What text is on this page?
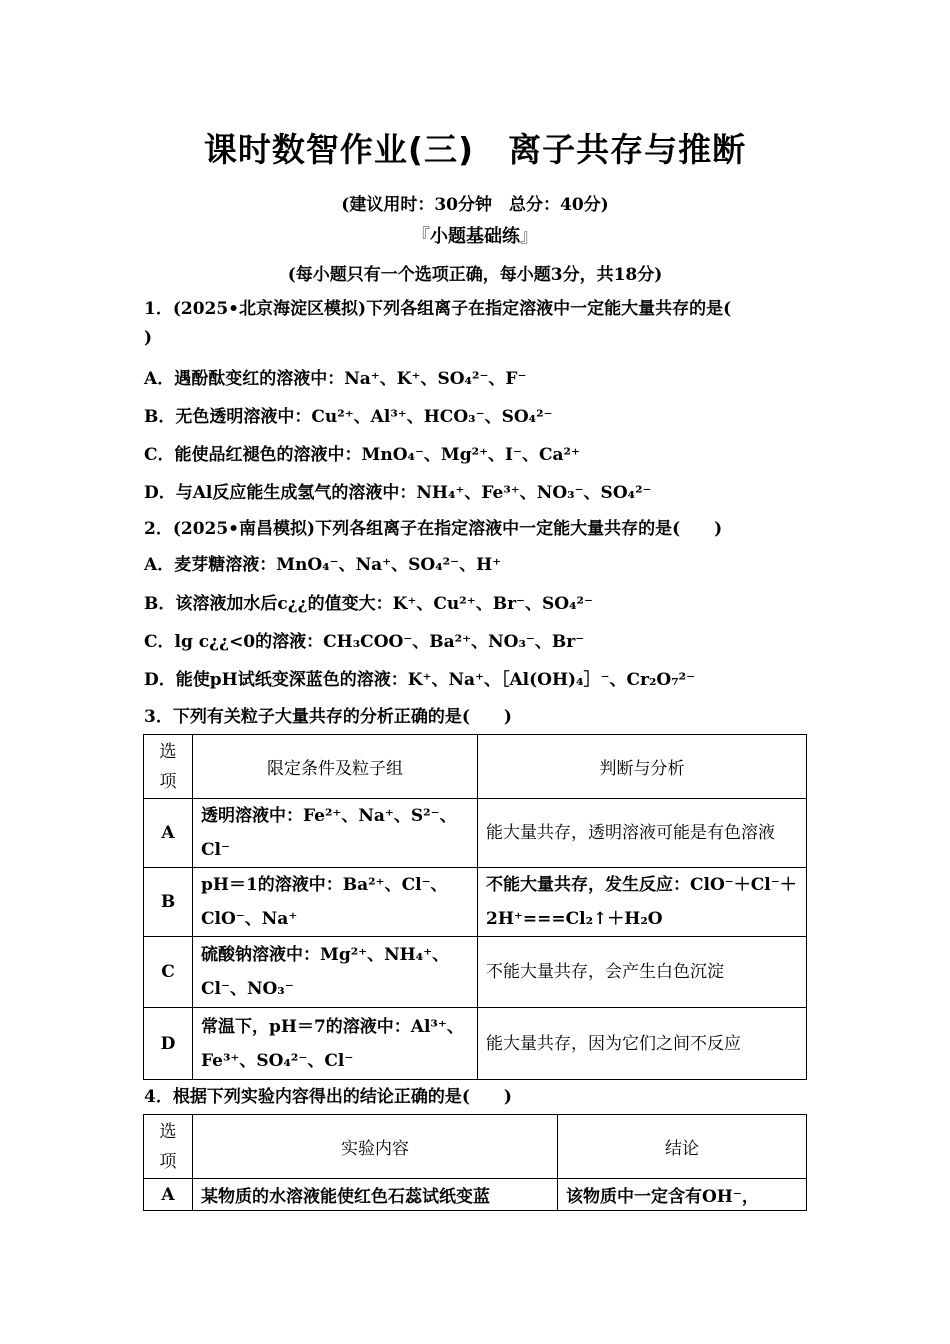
课时数智作业(三)　离子共存与推断
(建议用时：30分钟　总分：40分)
『小题基础练』
(每小题只有一个选项正确，每小题3分，共18分)
1．(2025•北京海淀区模拟)下列各组离子在指定溶液中一定能大量共存的是(
)
A．遇酚酞变红的溶液中：Na⁺、K⁺、SO₄²⁻、F⁻
B．无色透明溶液中：Cu²⁺、Al³⁺、HCO₃⁻、SO₄²⁻
C．能使品红褪色的溶液中：MnO₄⁻、Mg²⁺、I⁻、Ca²⁺
D．与Al反应能生成氢气的溶液中：NH₄⁺、Fe³⁺、NO₃⁻、SO₄²⁻
2．(2025•南昌模拟)下列各组离子在指定溶液中一定能大量共存的是(　　)
A．麦芽糖溶液：MnO₄⁻、Na⁺、SO₄²⁻、H⁺
B．该溶液加水后c¿¿的值变大：K⁺、Cu²⁺、Br⁻、SO₄²⁻
C．lg c¿¿<0的溶液：CH₃COO⁻、Ba²⁺、NO₃⁻、Br⁻
D．能使pH试纸变深蓝色的溶液：K⁺、Na⁺、［Al(OH)₄］⁻、Cr₂O₇²⁻
3．下列有关粒子大量共存的分析正确的是(　　)
选项	限定条件及粒子组	判断与分析
A	透明溶液中：Fe²⁺、Na⁺、S²⁻、Cl⁻	能大量共存，透明溶液可能是有色溶液
B	pH＝1的溶液中：Ba²⁺、Cl⁻、ClO⁻、Na⁺	不能大量共存，发生反应：ClO⁻＋Cl⁻＋2H⁺===Cl₂↑＋H₂O
C	硫酸钠溶液中：Mg²⁺、NH₄⁺、Cl⁻、NO₃⁻	不能大量共存，会产生白色沉淀
D	常温下，pH＝7的溶液中：Al³⁺、Fe³⁺、SO₄²⁻、Cl⁻	能大量共存，因为它们之间不反应
4．根据下列实验内容得出的结论正确的是(　　)
选项	实验内容	结论
A	某物质的水溶液能使红色石蕊试纸变蓝	该物质中一定含有OH⁻，
